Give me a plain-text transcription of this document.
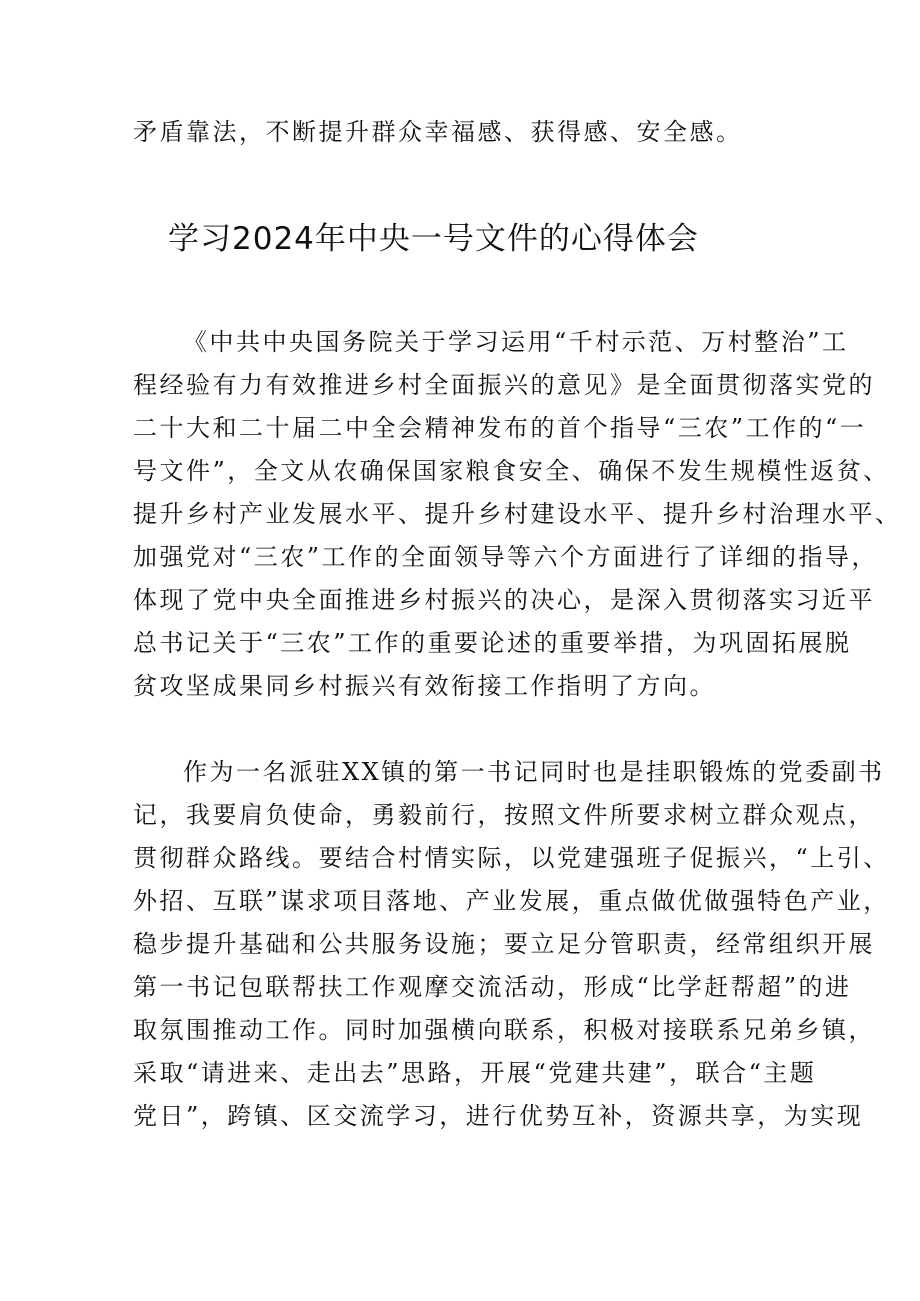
矛盾靠法，不断提升群众幸福感、获得感、安全感。
学习2024年中央一号文件的心得体会
《中共中央国务院关于学习运用“千村示范、万村整治”工
程经验有力有效推进乡村全面振兴的意见》是全面贯彻落实党的
二十大和二十届二中全会精神发布的首个指导“三农”工作的“一
号文件”，全文从农确保国家粮食安全、确保不发生规模性返贫、
提升乡村产业发展水平、提升乡村建设水平、提升乡村治理水平、
加强党对“三农”工作的全面领导等六个方面进行了详细的指导，
体现了党中央全面推进乡村振兴的决心，是深入贯彻落实习近平
总书记关于“三农”工作的重要论述的重要举措，为巩固拓展脱
贫攻坚成果同乡村振兴有效衔接工作指明了方向。
作为一名派驻XX镇的第一书记同时也是挂职锻炼的党委副书
记，我要肩负使命，勇毅前行，按照文件所要求树立群众观点，
贯彻群众路线。要结合村情实际，以党建强班子促振兴，“上引、
外招、互联”谋求项目落地、产业发展，重点做优做强特色产业，
稳步提升基础和公共服务设施；要立足分管职责，经常组织开展
第一书记包联帮扶工作观摩交流活动，形成“比学赶帮超”的进
取氛围推动工作。同时加强横向联系，积极对接联系兄弟乡镇，
采取“请进来、走出去”思路，开展“党建共建”，联合“主题
党日”，跨镇、区交流学习，进行优势互补，资源共享，为实现
